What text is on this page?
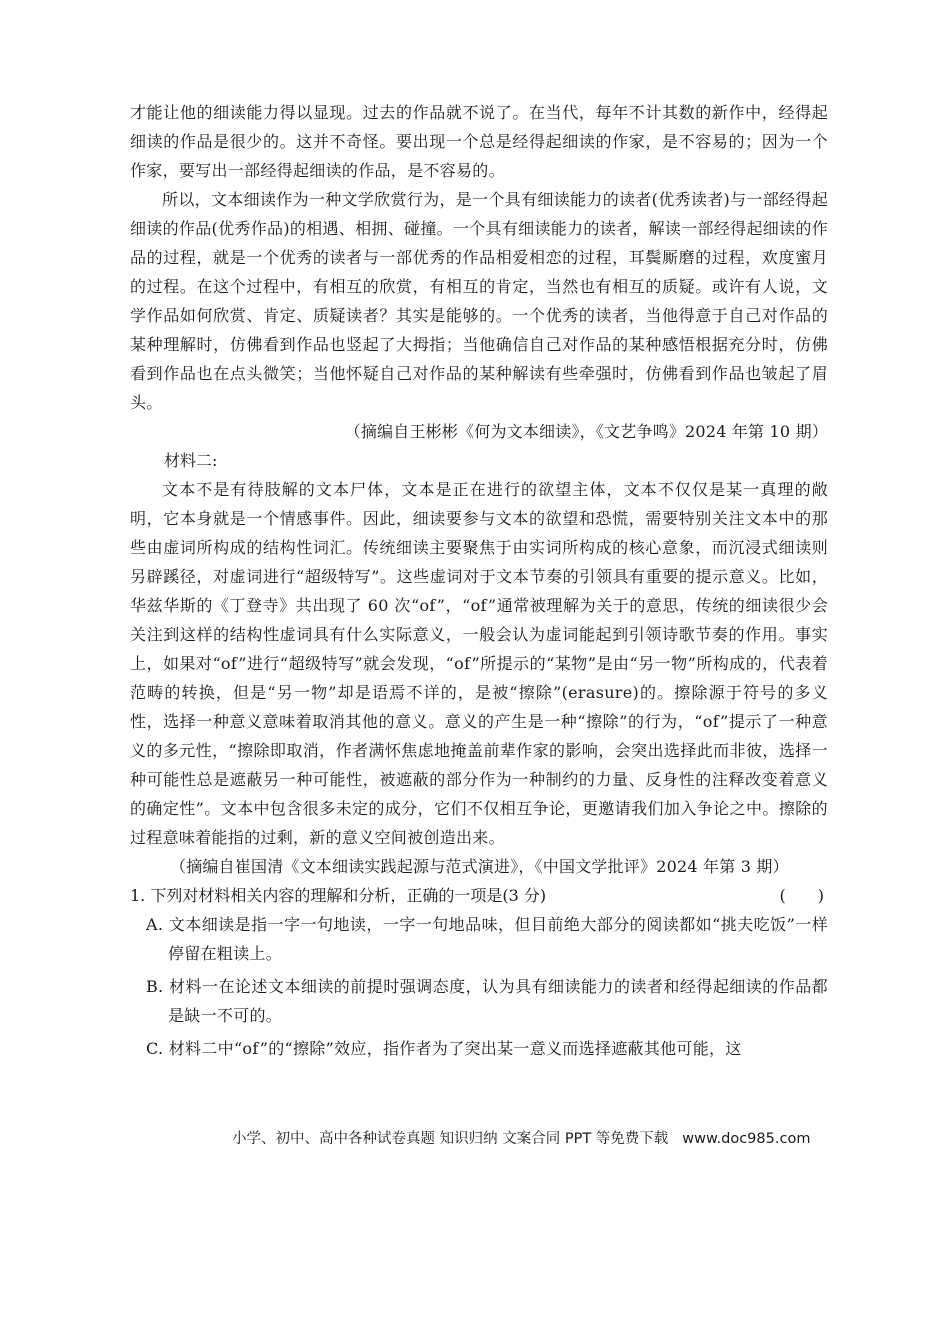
才能让他的细读能力得以显现。过去的作品就不说了。在当代，每年不计其数的新作中，经得起细读的作品是很少的。这并不奇怪。要出现一个总是经得起细读的作家，是不容易的；因为一个作家，要写出一部经得起细读的作品，是不容易的。

所以，文本细读作为一种文学欣赏行为，是一个具有细读能力的读者(优秀读者)与一部经得起细读的作品(优秀作品)的相遇、相拥、碰撞。一个具有细读能力的读者，解读一部经得起细读的作品的过程，就是一个优秀的读者与一部优秀的作品相爱相恋的过程，耳鬓厮磨的过程，欢度蜜月的过程。在这个过程中，有相互的欣赏，有相互的肯定，当然也有相互的质疑。或许有人说，文学作品如何欣赏、肯定、质疑读者？其实是能够的。一个优秀的读者，当他得意于自己对作品的某种理解时，仿佛看到作品也竖起了大拇指；当他确信自己对作品的某种感悟根据充分时，仿佛看到作品也在点头微笑；当他怀疑自己对作品的某种解读有些牵强时，仿佛看到作品也皱起了眉头。

（摘编自王彬彬《何为文本细读》，《文艺争鸣》2024 年第 10 期）

材料二:

文本不是有待肢解的文本尸体，文本是正在进行的欲望主体，文本不仅仅是某一真理的敞明，它本身就是一个情感事件。因此，细读要参与文本的欲望和恐慌，需要特别关注文本中的那些由虚词所构成的结构性词汇。传统细读主要聚焦于由实词所构成的核心意象，而沉浸式细读则另辟蹊径，对虚词进行“超级特写”。这些虚词对于文本节奏的引领具有重要的提示意义。比如，华兹华斯的《丁登寺》共出现了 60 次“of”，“of”通常被理解为关于的意思，传统的细读很少会关注到这样的结构性虚词具有什么实际意义，一般会认为虚词能起到引领诗歌节奏的作用。事实上，如果对“of”进行“超级特写”就会发现，“of”所提示的“某物”是由“另一物”所构成的，代表着范畴的转换，但是“另一物”却是语焉不详的，是被“擦除”(erasure)的。擦除源于符号的多义性，选择一种意义意味着取消其他的意义。意义的产生是一种“擦除”的行为，“of”提示了一种意义的多元性，“擦除即取消，作者满怀焦虑地掩盖前辈作家的影响，会突出选择此而非彼，选择一种可能性总是遮蔽另一种可能性，被遮蔽的部分作为一种制约的力量、反身性的注释改变着意义的确定性”。文本中包含很多未定的成分，它们不仅相互争论，更邀请我们加入争论之中。擦除的过程意味着能指的过剩，新的意义空间被创造出来。

（摘编自崔国清《文本细读实践起源与范式演进》，《中国文学批评》2024 年第 3 期）

1. 下列对材料相关内容的理解和分析，正确的一项是(3 分)	(　　)

A. 文本细读是指一字一句地读，一字一句地品味，但目前绝大部分的阅读都如“挑夫吃饭”一样停留在粗读上。

B. 材料一在论述文本细读的前提时强调态度，认为具有细读能力的读者和经得起细读的作品都是缺一不可的。

C. 材料二中“of”的“擦除”效应，指作者为了突出某一意义而选择遮蔽其他可能，这

小学、初中、高中各种试卷真题 知识归纳 文案合同 PPT 等免费下载 www.doc985.com
